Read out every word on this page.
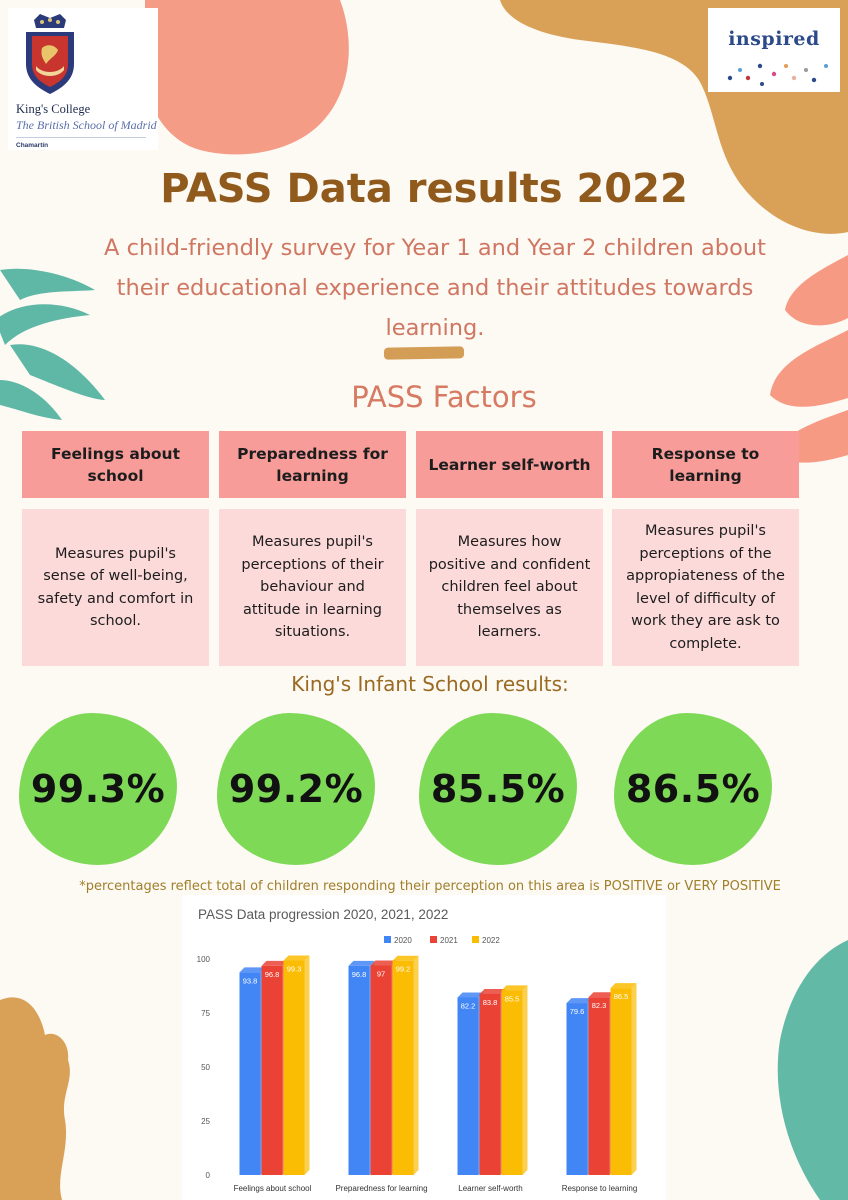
King's College
The British School of Madrid
Chamartín
inspired
PASS Data results 2022
A child-friendly survey for Year 1 and Year 2 children about their educational experience and their attitudes towards learning.
PASS Factors
Feelings about school
Preparedness for learning
Learner self-worth
Response to learning
Measures pupil's sense of well-being, safety and comfort in school.
Measures pupil's perceptions of their behaviour and attitude in learning situations.
Measures how positive and confident children feel about themselves as learners.
Measures pupil's perceptions of the appropiateness of the level of difficulty of work they are ask to complete.
King's Infant School results:
99.3% 99.2% 85.5% 86.5%
*percentages reflect total of children responding their perception on this area is POSITIVE or VERY POSITIVE
PASS Data progression 2020, 2021, 2022
2020	2021	2022
0
25
50
75
100
93.8
96.8
99.3
Feelings about school
96.8 97
99.2
Preparedness for learning
82.2 83.8 85.5
Learner self-worth
79.6
82.3
86.5
Response to learning
